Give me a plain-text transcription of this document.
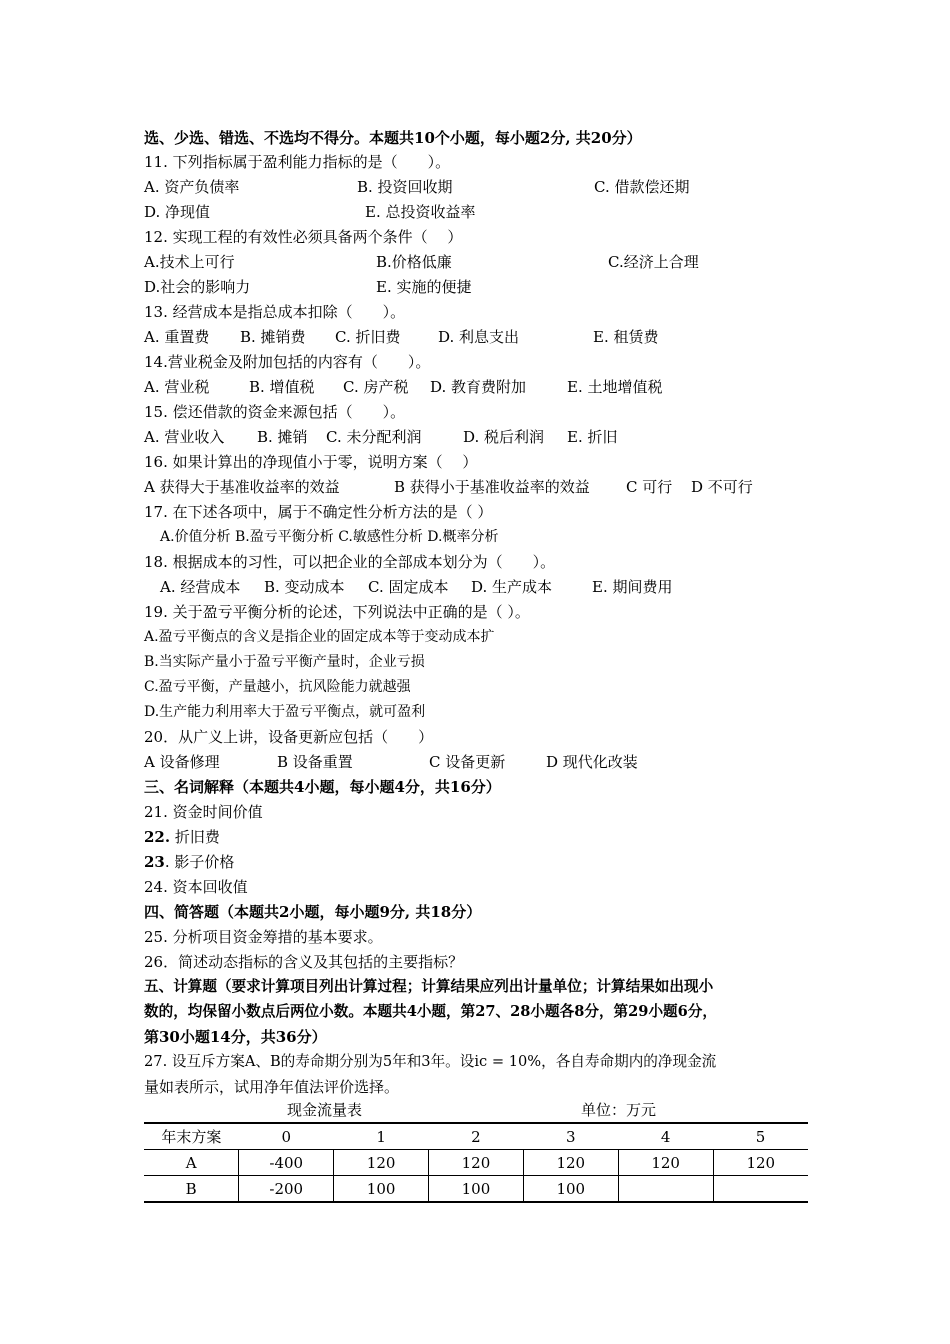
选、少选、错选、不选均不得分。本题共10个小题，每小题2分, 共20分）
11. 下列指标属于盈利能力指标的是（　　）。
A. 资产负债率	B. 投资回收期	C. 借款偿还期
D. 净现值	E. 总投资收益率
12. 实现工程的有效性必须具备两个条件（　 ）
A.技术上可行	B.价格低廉	C.经济上合理
D.社会的影响力	E. 实施的便捷
13. 经营成本是指总成本扣除（　　）。
A. 重置费 B. 摊销费 C. 折旧费	D. 利息支出	E. 租赁费
14.营业税金及附加包括的内容有（　　）。
A. 营业税	B. 增值税 C. 房产税 D. 教育费附加	E. 土地增值税
15. 偿还借款的资金来源包括（　　）。
A. 营业收入 B. 摊销 C. 未分配利润	D. 税后利润 E. 折旧
16. 如果计算出的净现值小于零，说明方案（　 ）
A 获得大于基准收益率的效益	B 获得小于基准收益率的效益 C 可行 D 不可行
17. 在下述各项中，属于不确定性分析方法的是（ ）
A.价值分析 B.盈亏平衡分析 C.敏感性分析 D.概率分析
18. 根据成本的习性，可以把企业的全部成本划分为（　　）。
A. 经营成本 B. 变动成本 C. 固定成本 D. 生产成本	E. 期间费用
19. 关于盈亏平衡分析的论述，下列说法中正确的是（ ）。
A.盈亏平衡点的含义是指企业的固定成本等于变动成本扩
B.当实际产量小于盈亏平衡产量时，企业亏损
C.盈亏平衡，产量越小，抗风险能力就越强
D.生产能力利用率大于盈亏平衡点，就可盈利
20．从广义上讲，设备更新应包括（　　）
A 设备修理	B 设备重置	C 设备更新	D 现代化改装
三、名词解释（本题共4小题，每小题4分，共16分）
21. 资金时间价值
22. 折旧费
23. 影子价格
24. 资本回收值
四、简答题（本题共2小题，每小题9分, 共18分）
25. 分析项目资金筹措的基本要求。
26．简述动态指标的含义及其包括的主要指标？
五、计算题（要求计算项目列出计算过程；计算结果应列出计量单位；计算结果如出现小
数的，均保留小数点后两位小数。本题共4小题，第27、28小题各8分，第29小题6分，
第30小题14分，共36分）
27. 设互斥方案A、B的寿命期分别为5年和3年。设ic = 10%，各自寿命期内的净现金流
量如表所示，试用净年值法评价选择。
现金流量表	单位：万元
年末方案	0	1	2	3	4	5
A	-400	120	120	120	120	120
B	-200	100	100	100		
